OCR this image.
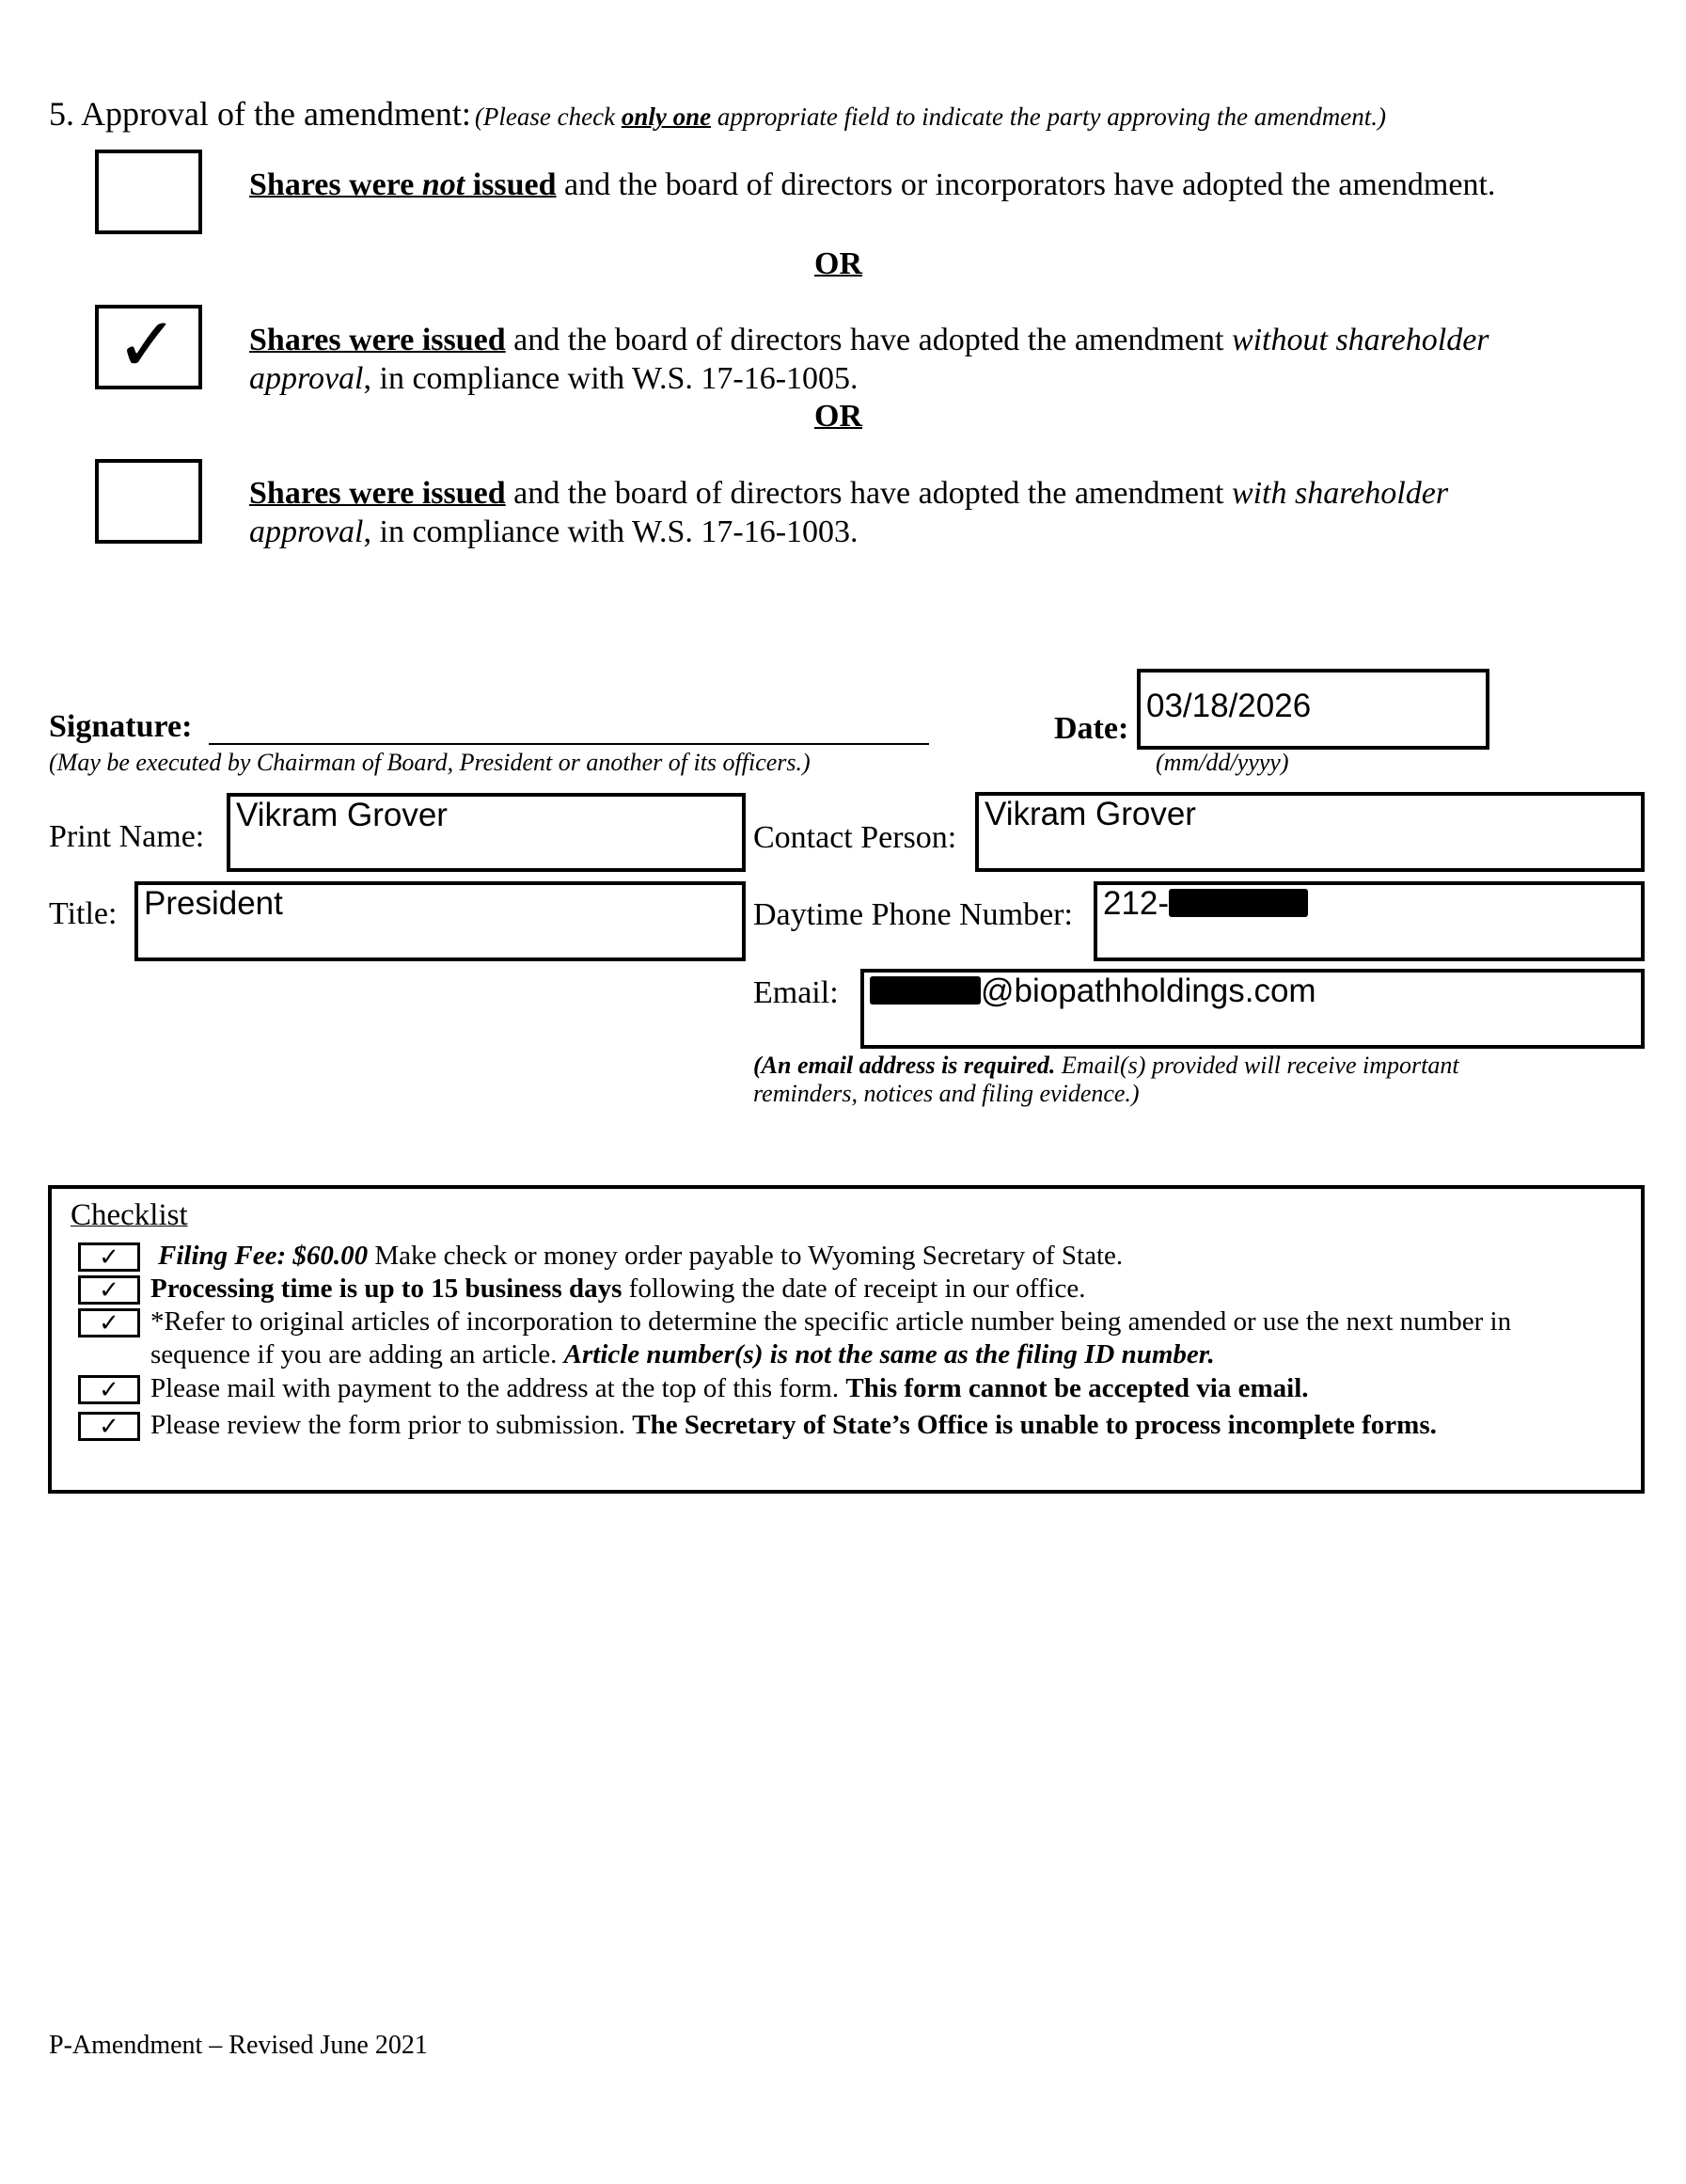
5. Approval of the amendment: (Please check only one appropriate field to indicate the party approving the amendment.)
Shares were not issued and the board of directors or incorporators have adopted the amendment.
OR
✓ Shares were issued and the board of directors have adopted the amendment without shareholder
approval, in compliance with W.S. 17-16-1005.
OR
Shares were issued and the board of directors have adopted the amendment with shareholder
approval, in compliance with W.S. 17-16-1003.
Signature:
(May be executed by Chairman of Board, President or another of its officers.)
Date:
03/18/2026
(mm/dd/yyyy)
Print Name:
Vikram Grover
Contact Person:
Vikram Grover
Title: President	Daytime Phone Number: 212-
Email:	@biopathholdings.com
(An email address is required. Email(s) provided will receive important
reminders, notices and filing evidence.)
Checklist
✓	Filing Fee: $60.00 Make check or money order payable to Wyoming Secretary of State.
✓	Processing time is up to 15 business days following the date of receipt in our office.
✓	*Refer to original articles of incorporation to determine the specific article number being amended or use the next number in
sequence if you are adding an article. Article number(s) is not the same as the filing ID number.
✓	Please mail with payment to the address at the top of this form. This form cannot be accepted via email.
✓	Please review the form prior to submission. The Secretary of State’s Office is unable to process incomplete forms.
P-Amendment – Revised June 2021
